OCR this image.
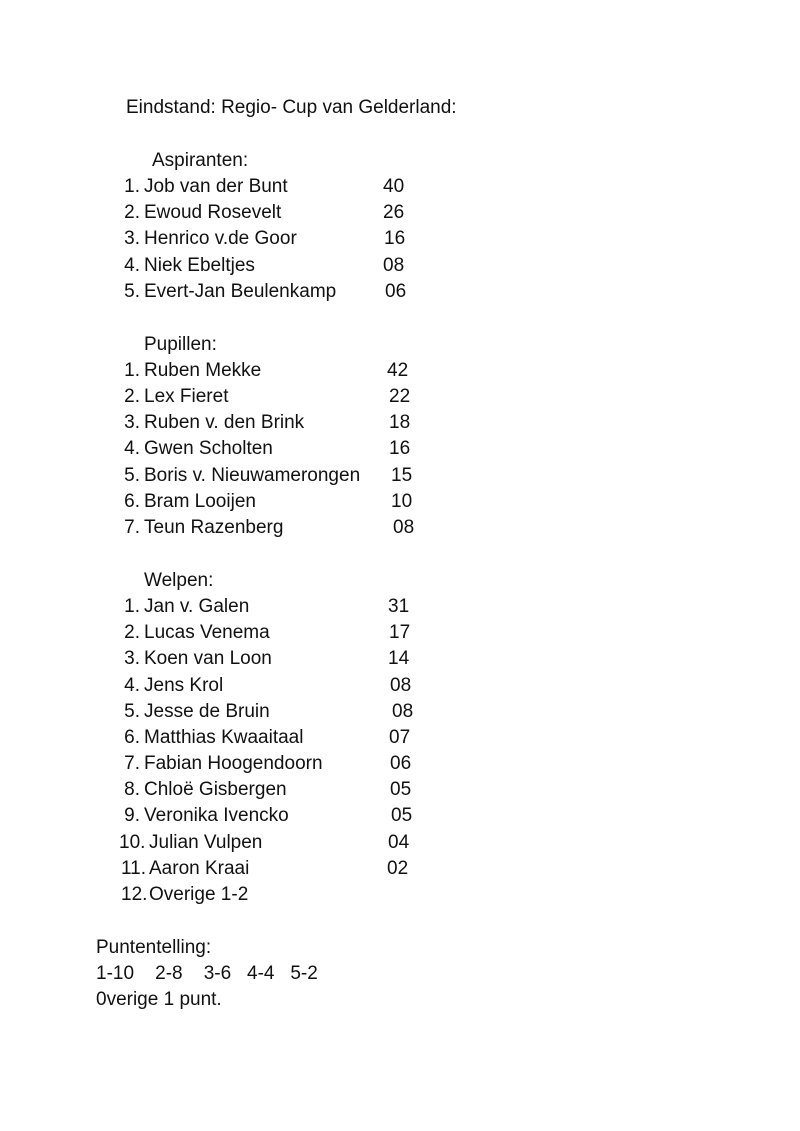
Eindstand: Regio- Cup van Gelderland:
Aspiranten:
1. Job van der Bunt	40
2. Ewoud Rosevelt	26
3. Henrico v.de Goor	16
4. Niek Ebeltjes	08
5. Evert-Jan Beulenkamp	06
Pupillen:
1. Ruben Mekke	42
2. Lex Fieret	22
3. Ruben v. den Brink	18
4. Gwen Scholten	16
5. Boris v. Nieuwamerongen 15
6. Bram Looijen	10
7. Teun Razenberg	08
Welpen:
1. Jan v. Galen	31
2. Lucas Venema	17
3. Koen van Loon	14
4. Jens Krol	08
5. Jesse de Bruin	08
6. Matthias Kwaaitaal	07
7. Fabian Hoogendoorn	06
8. Chloë Gisbergen	05
9. Veronika Ivencko	05
10. Julian Vulpen	04
11. Aaron Kraai	02
12. Overige 1-2
Puntentelling:
1-10    2-8    3-6   4-4   5-2
0verige 1 punt.
